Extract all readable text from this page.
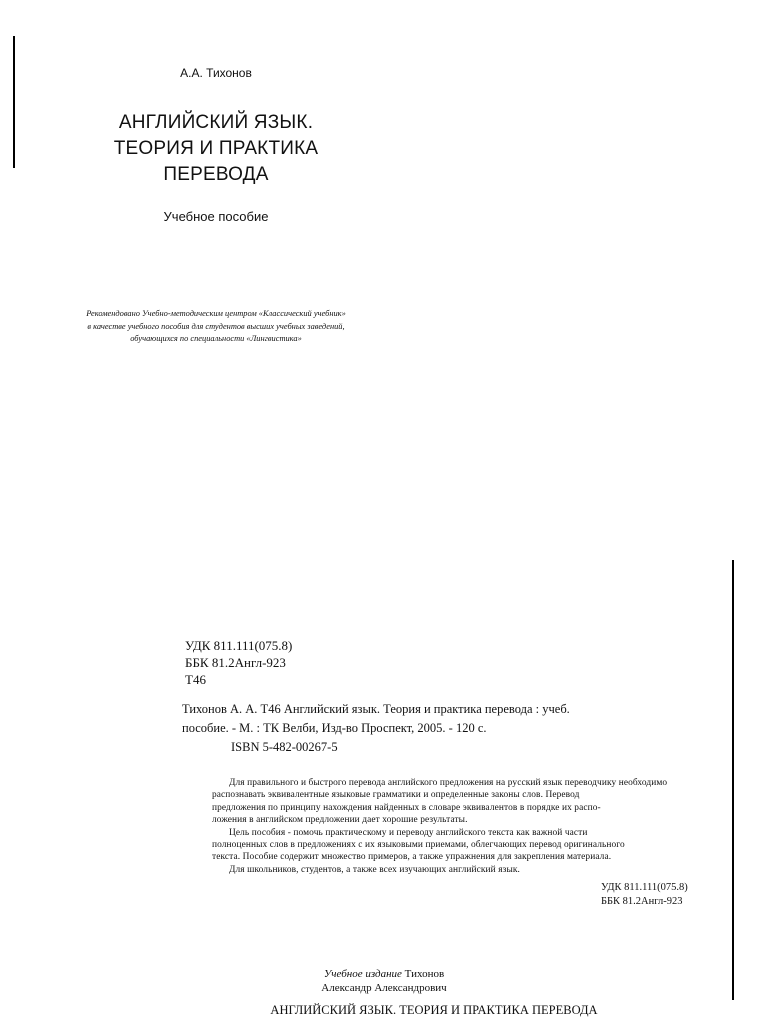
А.А. Тихонов
АНГЛИЙСКИЙ ЯЗЫК.
ТЕОРИЯ И ПРАКТИКА
ПЕРЕВОДА
Учебное пособие
Рекомендовано Учебно-методическим центром «Классический учебник»
в качестве учебного пособия для студентов высших учебных заведений,
обучающихся по специальности «Лингвистика»
УДК 811.111(075.8)
ББК 81.2Англ-923
Т46
Тихонов А. А. Т46 Английский язык. Теория и практика перевода : учеб.
пособие. - М. : ТК Велби, Изд-во Проспект, 2005. - 120 с.
ISBN 5-482-00267-5
Для правильного и быстрого перевода английского предложения на русский язык переводчику необходимо
распознавать эквивалентные языковые грамматики и определенные законы слов. Перевод
предложения по принципу нахождения найденных в словаре эквивалентов в порядке их распо-
ложения в английском предложении дает хорошие результаты.
Цель пособия - помочь практическому и переводу английского текста как важной части
полноценных слов в предложениях с их языковыми приемами, облегчающих перевод оригинального
текста. Пособие содержит множество примеров, а также упражнения для закрепления материала.
Для школьников, студентов, а также всех изучающих английский язык.
УДК 811.111(075.8)
ББК 81.2Англ-923
Учебное издание Тихонов
Александр Александрович
АНГЛИЙСКИЙ ЯЗЫК. ТЕОРИЯ И ПРАКТИКА ПЕРЕВОДА
